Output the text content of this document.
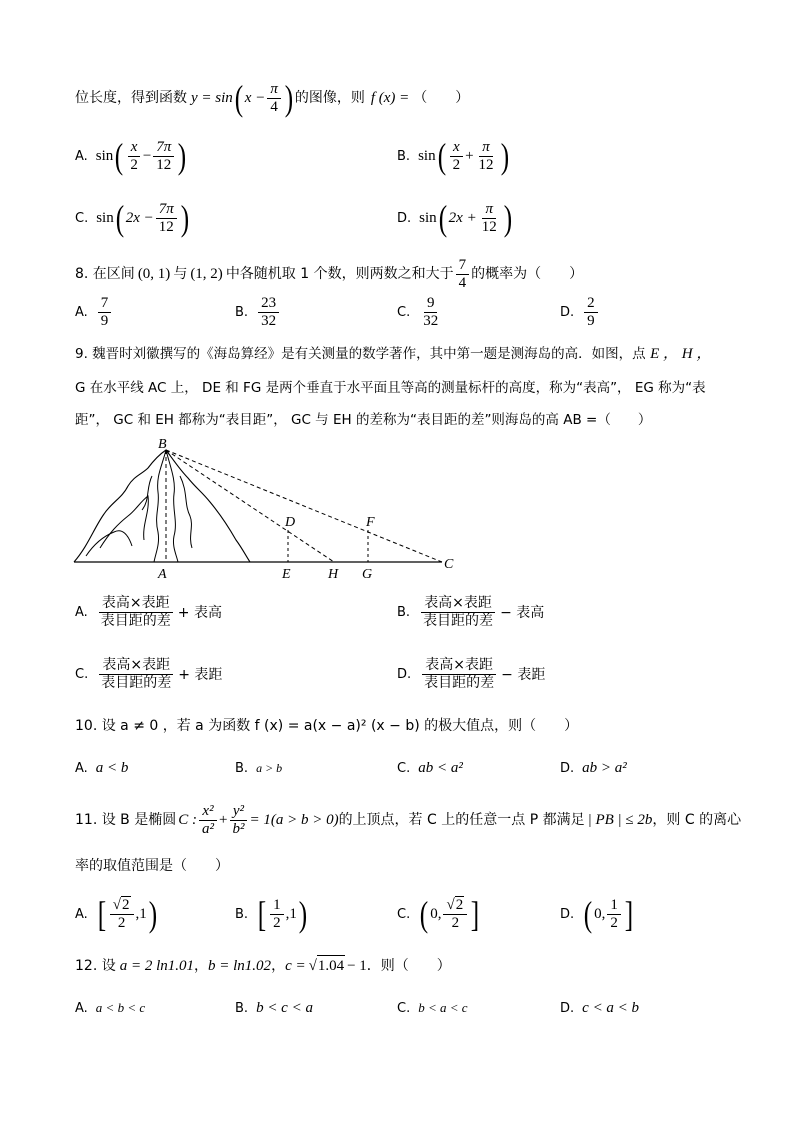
位长度，得到函数 y = sin ( $x - \frac{\pi}{4}$ ) 的图像，则 f (x) = （　　）
A. sin ( $\frac{x}{2} - \frac{7\pi}{12}$ )	B. sin ( $\frac{x}{2} + \frac{\pi}{12}$ )
C. sin ( $2x - \frac{7\pi}{12}$ )	D. sin ( $2x + \frac{\pi}{12}$ )
8. 在区间 (0, 1) 与 (1, 2) 中各随机取 1 个数，则两数之和大于 $\frac{7}{4}$ 的概率为（　　）
A. $\frac{7}{9}$	B. $\frac{23}{32}$	C. $\frac{9}{32}$	D. $\frac{2}{9}$
9. 魏晋时刘徽撰写的《海岛算经》是有关测量的数学著作，其中第一题是测海岛的高．如图，点 E ， H ，
G 在水平线 AC 上， DE 和 FG 是两个垂直于水平面且等高的测量标杆的高度，称为“表高”， EG 称为“表
距”， GC 和 EH 都称为“表目距”， GC 与 EH 的差称为“表目距的差”则海岛的高 AB =（　　）
B
D	F
A	E	H G
C
A. $\frac{\text{表高×表距}}{\text{表目距的差}}$ + 表高	B. $\frac{\text{表高×表距}}{\text{表目距的差}}$ − 表高
C. $\frac{\text{表高×表距}}{\text{表目距的差}}$ + 表距	D. $\frac{\text{表高×表距}}{\text{表目距的差}}$ − 表距
10. 设 a ≠ 0 ，若 a 为函数 f (x) = a(x − a)² (x − b) 的极大值点，则（　　）
A. a < b	B. a > b	C. ab < a²	D. ab > a²
11. 设 B 是椭圆 C : $\frac{\text{x²}}{\text{a²}} + \frac{\text{y²}}{\text{b²}} = 1(a > b > 0)$ 的上顶点，若 C 上的任意一点 P 都满足 | PB | ≤ 2b ，则 C 的离心
率的取值范围是（　　）
A. [ $\frac{√2}{2} ,1$ )	B. [ $\frac{1}{2} ,1$ )	C. ( 0, $\frac{√2}{2}$ ]	D. ( 0, $\frac{1}{2}$ ]
12. 设 a = 2 ln1.01 ， b = ln1.02 ， c = √1.04 − 1 ．则（　　）
A. a < b < c	B. b < c < a	C. b < a < c	D. c < a < b
